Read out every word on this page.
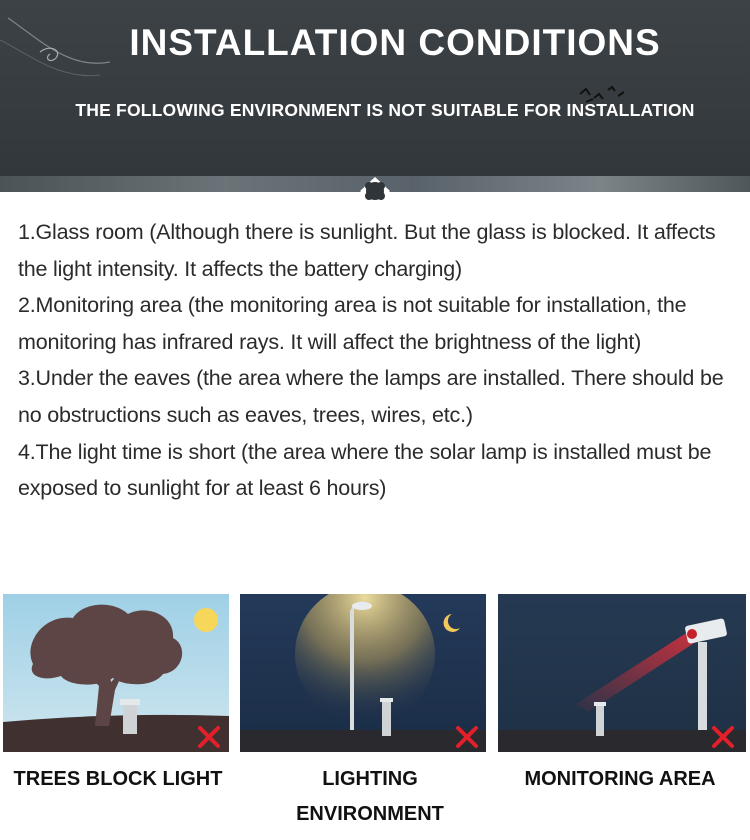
INSTALLATION CONDITIONS
THE FOLLOWING ENVIRONMENT IS NOT SUITABLE FOR INSTALLATION

1.Glass room (Although there is sunlight. But the glass is blocked. It affects the light intensity. It affects the battery charging)

2.Monitoring area (the monitoring area is not suitable for installation, the monitoring has infrared rays. It will affect the brightness of the light)

3.Under the eaves (the area where the lamps are installed. There should be no obstructions such as eaves, trees, wires, etc.)

4.The light time is short (the area where the solar lamp is installed must be exposed to sunlight for at least 6 hours)

TREES BLOCK LIGHT	LIGHTING ENVIRONMENT
MONITORING AREA
